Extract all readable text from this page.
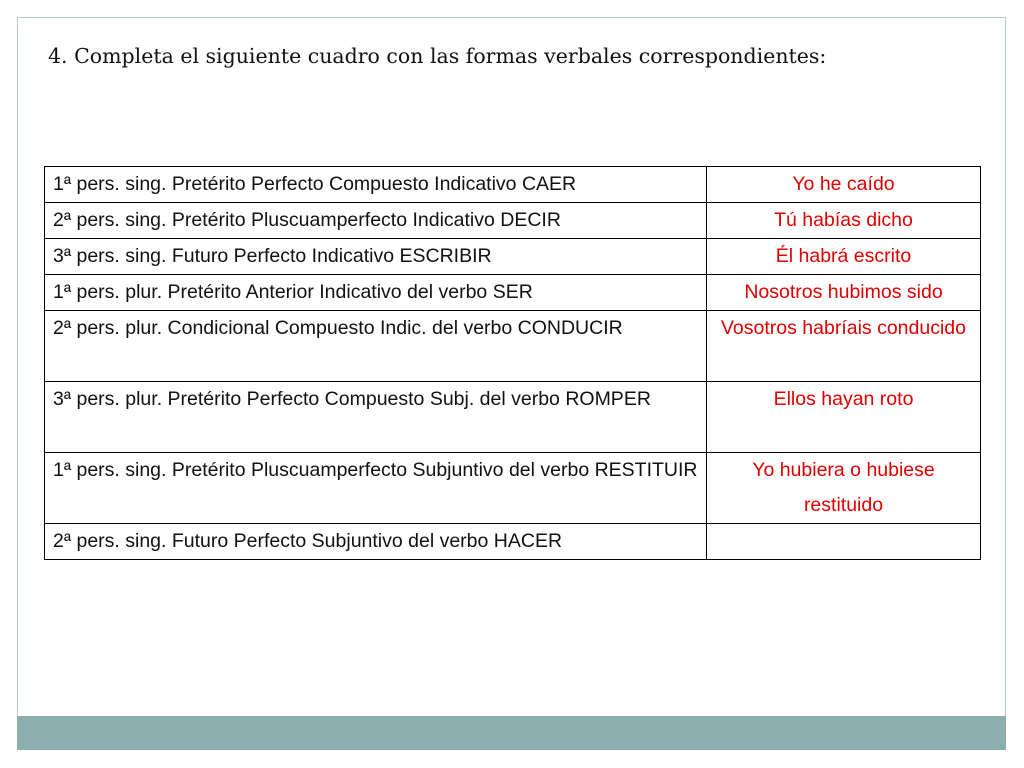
4. Completa el siguiente cuadro con las formas verbales correspondientes:
1ª pers. sing. Pretérito Perfecto Compuesto Indicativo CAER	Yo he caído
2ª pers. sing. Pretérito Pluscuamperfecto Indicativo DECIR	Tú habías dicho
3ª pers. sing. Futuro Perfecto Indicativo ESCRIBIR	Él habrá escrito
1ª pers. plur. Pretérito Anterior Indicativo del verbo SER	Nosotros hubimos sido
2ª pers. plur. Condicional Compuesto Indic. del verbo CONDUCIR	Vosotros habríais conducido
3ª pers. plur. Pretérito Perfecto Compuesto Subj. del verbo ROMPER	Ellos hayan roto
1ª pers. sing. Pretérito Pluscuamperfecto Subjuntivo del verbo RESTITUIR	Yo hubiera o hubiese restituido
2ª pers. sing. Futuro Perfecto Subjuntivo del verbo HACER	
